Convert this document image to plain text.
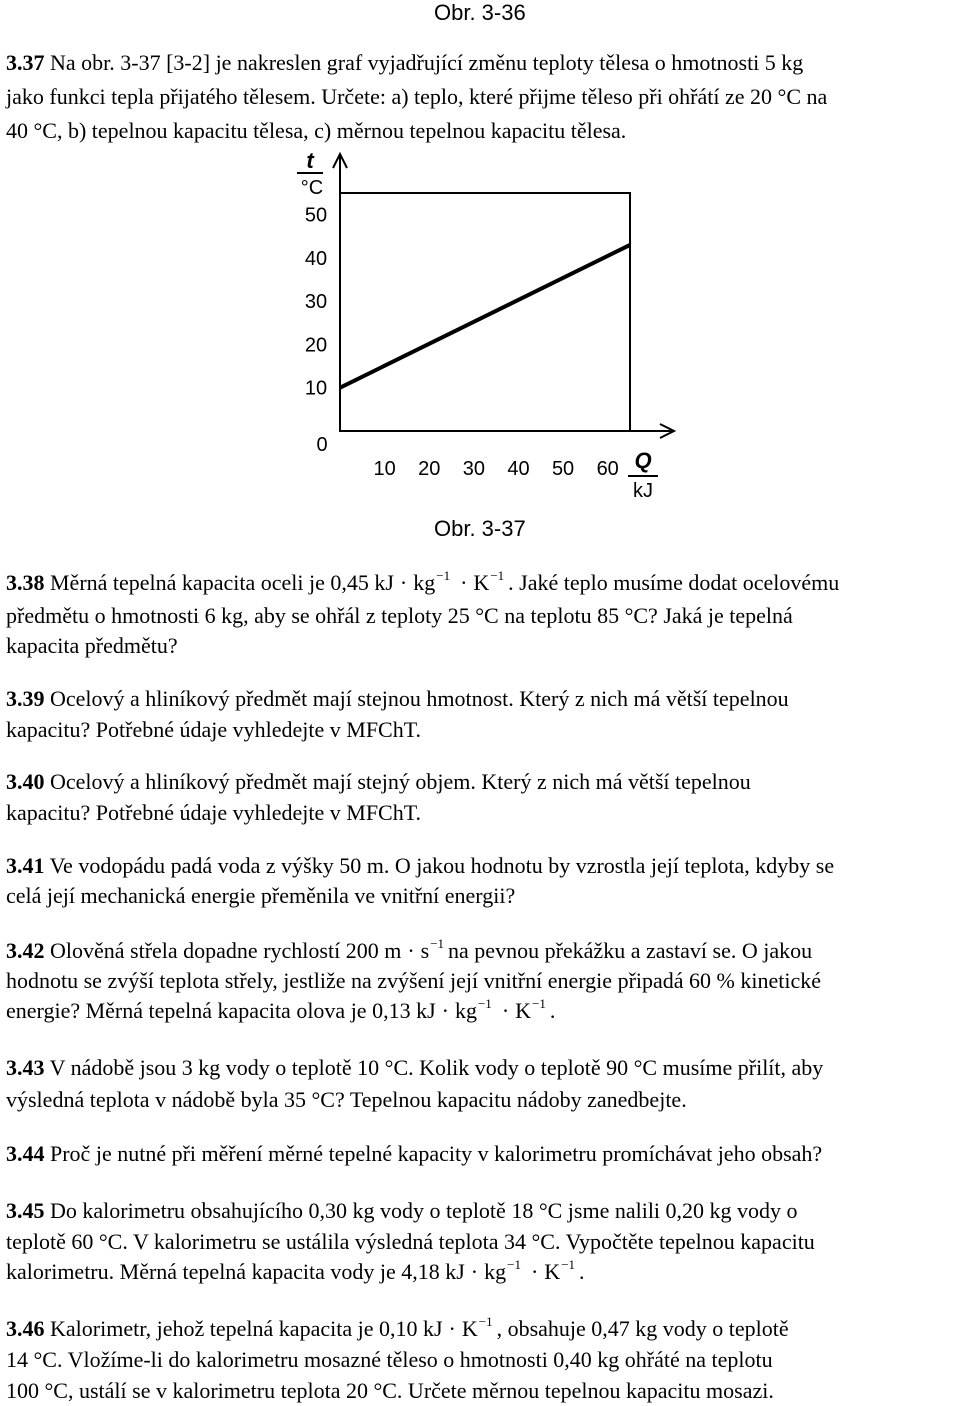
Obr. 3-36
3.37 Na obr. 3-37 [3-2] je nakreslen graf vyjadřující změnu teploty tělesa o hmotnosti 5 kg
jako funkci tepla přijatého tělesem. Určete: a) teplo, které přijme těleso při ohřátí ze 20 °C na
40 °C, b) tepelnou kapacitu tělesa, c) měrnou tepelnou kapacitu tělesa.
10 20 30 40 50 60
10
20
30
40
50
0
t
°C
Q
kJ
Obr. 3-37
3.38 Měrná tepelná kapacita oceli je 0,45 kJ · $kg^{-1} \cdot K^{-1}$ . Jaké teplo musíme dodat ocelovému
předmětu o hmotnosti 6 kg, aby se ohřál z teploty 25 °C na teplotu 85 °C? Jaká je tepelná
kapacita předmětu?
3.39 Ocelový a hliníkový předmět mají stejnou hmotnost. Který z nich má větší tepelnou
kapacitu? Potřebné údaje vyhledejte v MFChT.
3.40 Ocelový a hliníkový předmět mají stejný objem. Který z nich má větší tepelnou
kapacitu? Potřebné údaje vyhledejte v MFChT.
3.41 Ve vodopádu padá voda z výšky 50 m. O jakou hodnotu by vzrostla její teplota, kdyby se
celá její mechanická energie přeměnila ve vnitřní energii?
3.42 Olověná střela dopadne rychlostí 200 $m \cdot s^{-1}$ na pevnou překážku a zastaví se. O jakou
hodnotu se zvýší teplota střely, jestliže na zvýšení její vnitřní energie připadá 60 % kinetické
energie? Měrná tepelná kapacita olova je 0,13 kJ · $kg^{-1} \cdot K^{-1}$ .
3.43 V nádobě jsou 3 kg vody o teplotě 10 °C. Kolik vody o teplotě 90 °C musíme přilít, aby
výsledná teplota v nádobě byla 35 °C? Tepelnou kapacitu nádoby zanedbejte.
3.44 Proč je nutné při měření měrné tepelné kapacity v kalorimetru promíchávat jeho obsah?
3.45 Do kalorimetru obsahujícího 0,30 kg vody o teplotě 18 °C jsme nalili 0,20 kg vody o
teplotě 60 °C. V kalorimetru se ustálila výsledná teplota 34 °C. Vypočtěte tepelnou kapacitu
kalorimetru. Měrná tepelná kapacita vody je 4,18 kJ · $kg^{-1} \cdot K^{-1}$ .
3.46 Kalorimetr, jehož tepelná kapacita je 0,10 kJ · $K^{-1}$ , obsahuje 0,47 kg vody o teplotě
14 °C. Vložíme-li do kalorimetru mosazné těleso o hmotnosti 0,40 kg ohřáté na teplotu
100 °C, ustálí se v kalorimetru teplota 20 °C. Určete měrnou tepelnou kapacitu mosazi.
